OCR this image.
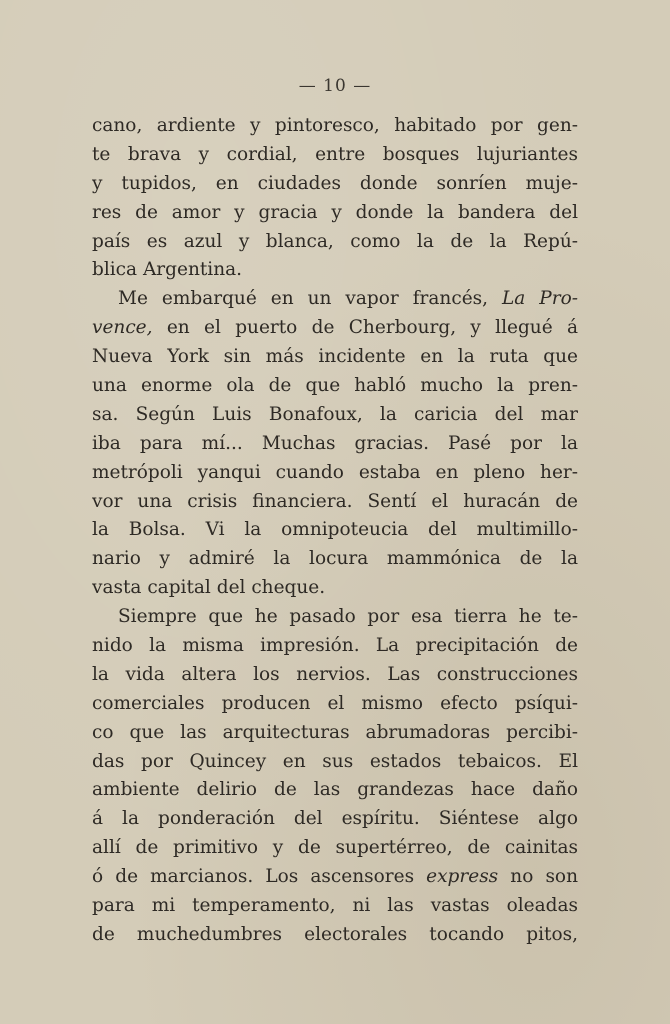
— 10 —
cano, ardiente y pintoresco, habitado por gen-
te brava y cordial, entre bosques lujuriantes
y tupidos, en ciudades donde sonríen muje-
res de amor y gracia y donde la bandera del
país es azul y blanca, como la de la Repú-
blica Argentina.
Me embarqué en un vapor francés, La Pro-
vence, en el puerto de Cherbourg, y llegué á
Nueva York sin más incidente en la ruta que
una enorme ola de que habló mucho la pren-
sa. Según Luis Bonafoux, la caricia del mar
iba para mí... Muchas gracias. Pasé por la
metrópoli yanqui cuando estaba en pleno her-
vor una crisis financiera. Sentí el huracán de
la Bolsa. Vi la omnipoteucia del multimillo-
nario y admiré la locura mammónica de la
vasta capital del cheque.
Siempre que he pasado por esa tierra he te-
nido la misma impresión. La precipitación de
la vida altera los nervios. Las construcciones
comerciales producen el mismo efecto psíqui-
co que las arquitecturas abrumadoras percibi-
das por Quincey en sus estados tebaicos. El
ambiente delirio de las grandezas hace daño
á la ponderación del espíritu. Siéntese algo
allí de primitivo y de supertérreo, de cainitas
ó de marcianos. Los ascensores express no son
para mi temperamento, ni las vastas oleadas
de muchedumbres electorales tocando pitos,
